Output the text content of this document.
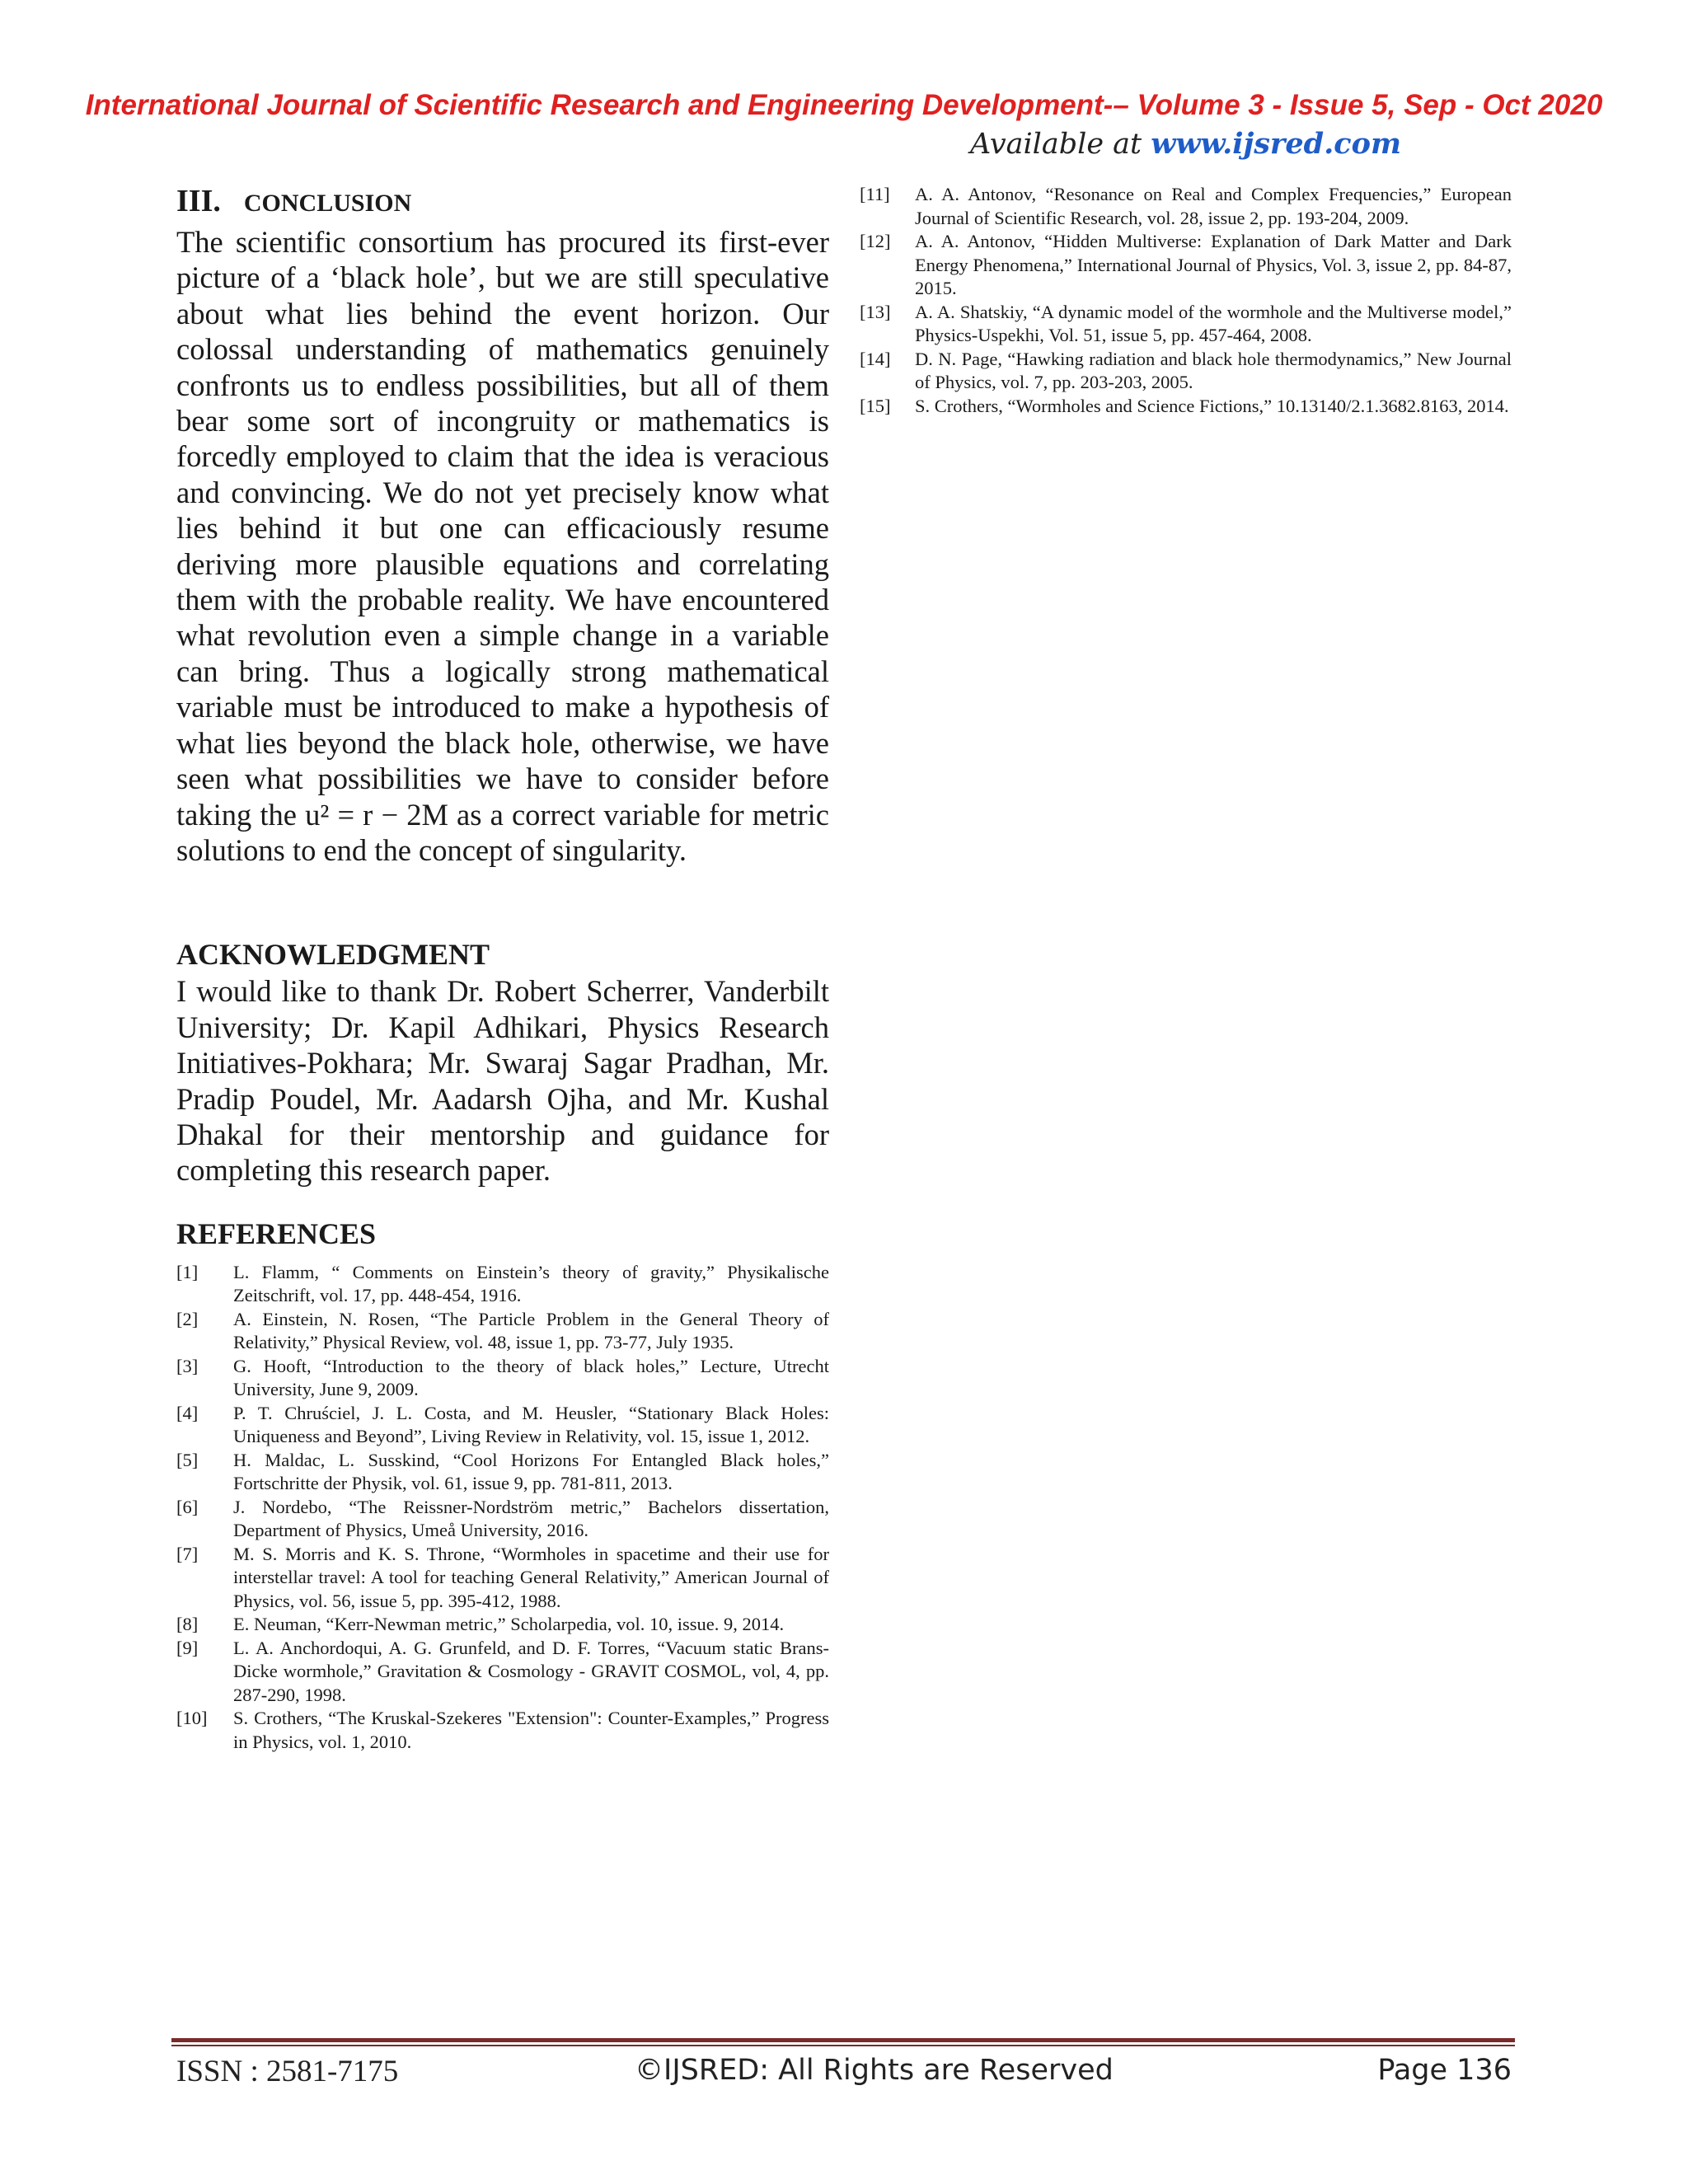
International Journal of Scientific Research and Engineering Development-– Volume 3 - Issue 5, Sep - Oct 2020
Available at www.ijsred.com
III. CONCLUSION

The scientific consortium has procured its first-ever picture of a ‘black hole’, but we are still speculative about what lies behind the event horizon. Our colossal understanding of mathematics genuinely confronts us to endless possibilities, but all of them bear some sort of incongruity or mathematics is forcedly employed to claim that the idea is veracious and convincing. We do not yet precisely know what lies behind it but one can efficaciously resume deriving more plausible equations and correlating them with the probable reality. We have encountered what revolution even a simple change in a variable can bring. Thus a logically strong mathematical variable must be introduced to make a hypothesis of what lies beyond the black hole, otherwise, we have seen what possibilities we have to consider before taking the u² = r − 2M as a correct variable for metric solutions to end the concept of singularity.

ACKNOWLEDGMENT

I would like to thank Dr. Robert Scherrer, Vanderbilt University; Dr. Kapil Adhikari, Physics Research Initiatives-Pokhara; Mr. Swaraj Sagar Pradhan, Mr. Pradip Poudel, Mr. Aadarsh Ojha, and Mr. Kushal Dhakal for their mentorship and guidance for completing this research paper.

REFERENCES
[1]	L. Flamm, “ Comments on Einstein’s theory of gravity,” Physikalische Zeitschrift, vol. 17, pp. 448-454, 1916.
[2]	A. Einstein, N. Rosen, “The Particle Problem in the General Theory of Relativity,” Physical Review, vol. 48, issue 1, pp. 73-77, July 1935.
[3]	G. Hooft, “Introduction to the theory of black holes,” Lecture, Utrecht University, June 9, 2009.
[4]	P. T. Chruściel, J. L. Costa, and M. Heusler, “Stationary Black Holes: Uniqueness and Beyond”, Living Review in Relativity, vol. 15, issue 1, 2012.
[5]	H. Maldac, L. Susskind, “Cool Horizons For Entangled Black holes,” Fortschritte der Physik, vol. 61, issue 9, pp. 781-811, 2013.
[6]	J. Nordebo, “The Reissner-Nordström metric,” Bachelors dissertation, Department of Physics, Umeå University, 2016.
[7]	M. S. Morris and K. S. Throne, “Wormholes in spacetime and their use for interstellar travel: A tool for teaching General Relativity,” American Journal of Physics, vol. 56, issue 5, pp. 395-412, 1988.
[8]	E. Neuman, “Kerr-Newman metric,” Scholarpedia, vol. 10, issue. 9, 2014.
[9]	L. A. Anchordoqui, A. G. Grunfeld, and D. F. Torres, “Vacuum static Brans-Dicke wormhole,” Gravitation & Cosmology - GRAVIT COSMOL, vol, 4, pp. 287-290, 1998.
[10]	S. Crothers, “The Kruskal-Szekeres "Extension": Counter-Examples,” Progress in Physics, vol. 1, 2010.
[11]	A. A. Antonov, “Resonance on Real and Complex Frequencies,” European Journal of Scientific Research, vol. 28, issue 2, pp. 193-204, 2009.
[12]	A. A. Antonov, “Hidden Multiverse: Explanation of Dark Matter and Dark Energy Phenomena,” International Journal of Physics, Vol. 3, issue 2, pp. 84-87, 2015.
[13]	A. A. Shatskiy, “A dynamic model of the wormhole and the Multiverse model,” Physics-Uspekhi, Vol. 51, issue 5, pp. 457-464, 2008.
[14]	D. N. Page, “Hawking radiation and black hole thermodynamics,” New Journal of Physics, vol. 7, pp. 203-203, 2005.
[15]	S. Crothers, “Wormholes and Science Fictions,” 10.13140/2.1.3682.8163, 2014.
ISSN : 2581-7175	©IJSRED: All Rights are Reserved	Page 136
